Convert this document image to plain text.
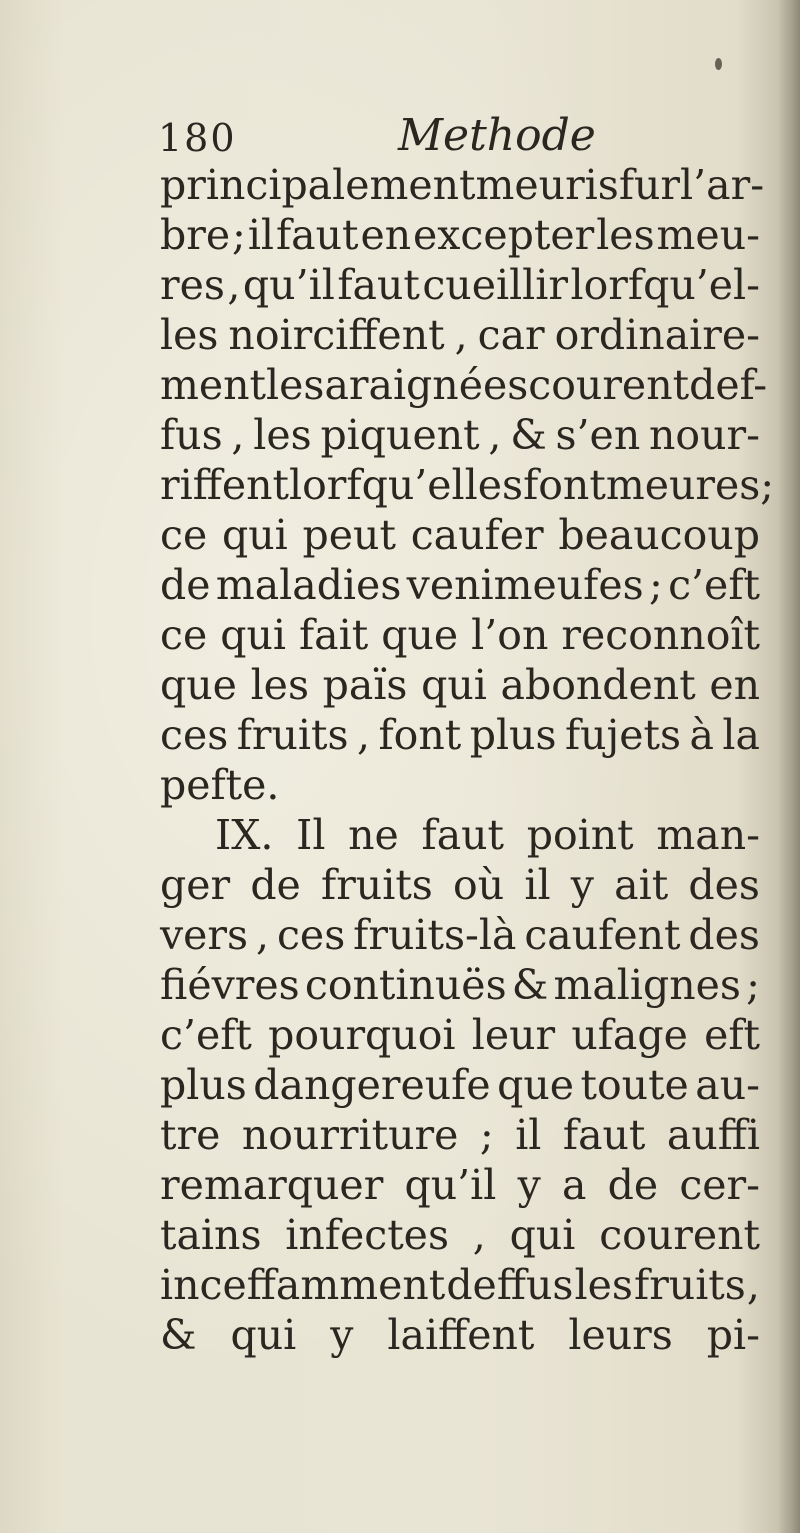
180	Methode
principalement meuris fur l’ar-
bre ; il faut en excepter les meu-
res , qu’il faut cueillir lorfqu’el-
les noirciffent , car ordinaire-
ment les araignées courent def-
fus , les piquent , & s’en nour-
riffent lorfqu’elles font meures ;
ce qui peut caufer beaucoup
de maladies venimeufes ; c’eft
ce qui fait que l’on reconnoît
que les païs qui abondent en
ces fruits , font plus fujets à la
pefte.
IX. Il ne faut point man-
ger de fruits où il y ait des
vers , ces fruits-là caufent des
fiévres continuës & malignes ;
c’eft pourquoi leur ufage eft
plus dangereufe que toute au-
tre nourriture ; il faut auffi
remarquer qu’il y a de cer-
tains infectes , qui courent
inceffamment deffus les fruits ,
& qui y laiffent leurs pi-
